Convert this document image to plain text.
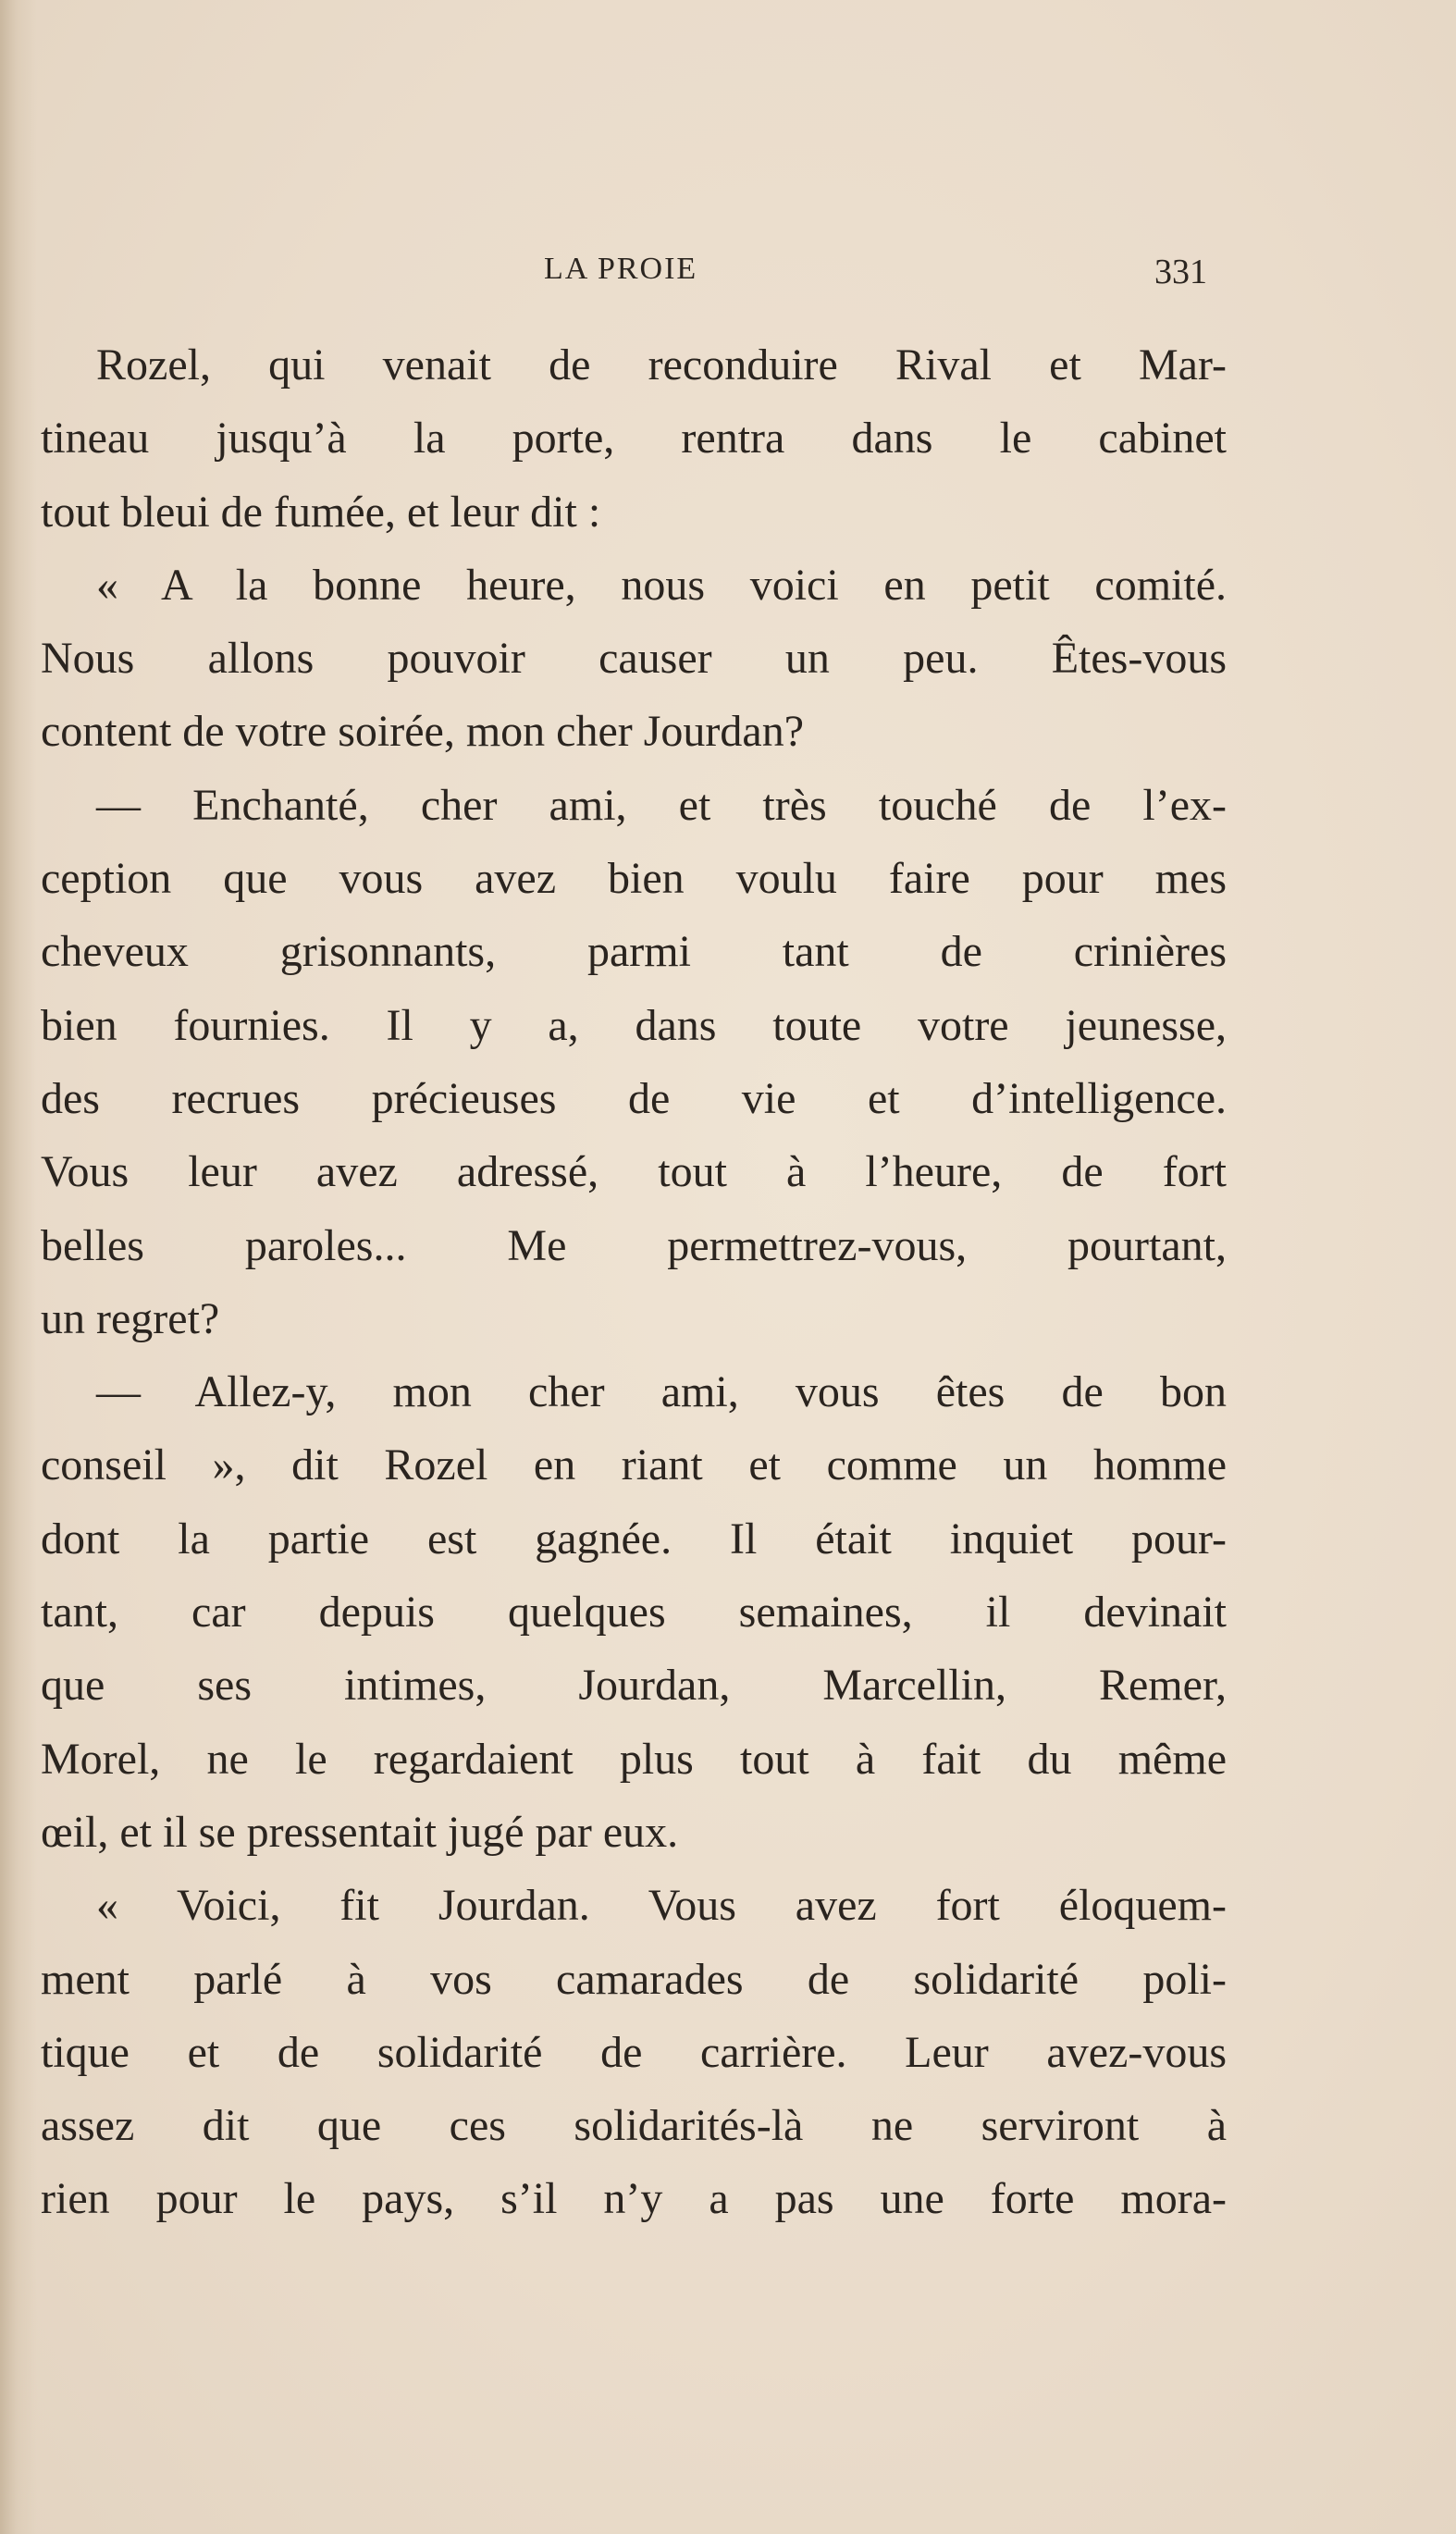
LA PROIE	331
Rozel, qui venait de reconduire Rival et Mar-
tineau jusqu’à la porte, rentra dans le cabinet
tout bleui de fumée, et leur dit :
« A la bonne heure, nous voici en petit comité.
Nous allons pouvoir causer un peu. Êtes-vous
content de votre soirée, mon cher Jourdan?
— Enchanté, cher ami, et très touché de l’ex-
ception que vous avez bien voulu faire pour mes
cheveux grisonnants, parmi tant de crinières
bien fournies. Il y a, dans toute votre jeunesse,
des recrues précieuses de vie et d’intelligence.
Vous leur avez adressé, tout à l’heure, de fort
belles paroles... Me permettrez-vous, pourtant,
un regret?
— Allez-y, mon cher ami, vous êtes de bon
conseil », dit Rozel en riant et comme un homme
dont la partie est gagnée. Il était inquiet pour-
tant, car depuis quelques semaines, il devinait
que ses intimes, Jourdan, Marcellin, Remer,
Morel, ne le regardaient plus tout à fait du même
œil, et il se pressentait jugé par eux.
« Voici, fit Jourdan. Vous avez fort éloquem-
ment parlé à vos camarades de solidarité poli-
tique et de solidarité de carrière. Leur avez-vous
assez dit que ces solidarités-là ne serviront à
rien pour le pays, s’il n’y a pas une forte mora-
